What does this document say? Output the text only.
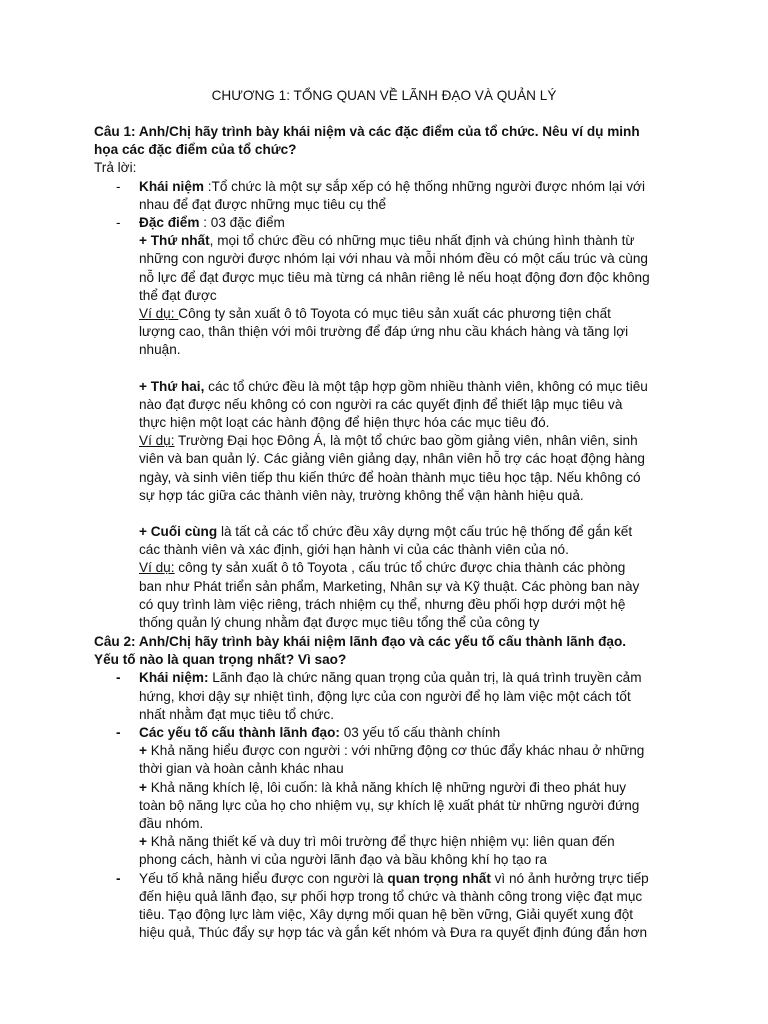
CHƯƠNG 1: TỔNG QUAN VỀ LÃNH ĐẠO VÀ QUẢN LÝ
Câu 1: Anh/Chị hãy trình bày khái niệm và các đặc điểm của tổ chức. Nêu ví dụ minh
họa các đặc điểm của tổ chức?
Trả lời:
- Khái niệm :Tổ chức là một sự sắp xếp có hệ thống những người được nhóm lại với
nhau để đạt được những mục tiêu cụ thể
- Đặc điểm : 03 đặc điểm
+ Thứ nhất, mọi tổ chức đều có những mục tiêu nhất định và chúng hình thành từ
những con người được nhóm lại với nhau và mỗi nhóm đều có một cấu trúc và cùng
nỗ lực để đạt được mục tiêu mà từng cá nhân riêng lẻ nếu hoạt động đơn độc không
thể đạt được
Ví dụ: Công ty sản xuất ô tô Toyota có mục tiêu sản xuất các phương tiện chất
lượng cao, thân thiện với môi trường để đáp ứng nhu cầu khách hàng và tăng lợi
nhuận.
+ Thứ hai, các tổ chức đều là một tập hợp gồm nhiều thành viên, không có mục tiêu
nào đạt được nếu không có con người ra các quyết định để thiết lập mục tiêu và
thực hiện một loạt các hành động để hiện thực hóa các mục tiêu đó.
Ví dụ: Trường Đại học Đông Á, là một tổ chức bao gồm giảng viên, nhân viên, sinh
viên và ban quản lý. Các giảng viên giảng dạy, nhân viên hỗ trợ các hoạt động hàng
ngày, và sinh viên tiếp thu kiến thức để hoàn thành mục tiêu học tập. Nếu không có
sự hợp tác giữa các thành viên này, trường không thể vận hành hiệu quả.
+ Cuối cùng là tất cả các tổ chức đều xây dựng một cấu trúc hệ thống để gắn kết
các thành viên và xác định, giới hạn hành vi của các thành viên của nó.
Ví dụ: công ty sản xuất ô tô Toyota , cấu trúc tổ chức được chia thành các phòng
ban như Phát triển sản phẩm, Marketing, Nhân sự và Kỹ thuật. Các phòng ban này
có quy trình làm việc riêng, trách nhiệm cụ thể, nhưng đều phối hợp dưới một hệ
thống quản lý chung nhằm đạt được mục tiêu tổng thể của công ty
Câu 2: Anh/Chị hãy trình bày khái niệm lãnh đạo và các yếu tố cấu thành lãnh đạo.
Yếu tố nào là quan trọng nhất? Vì sao?
- Khái niệm: Lãnh đạo là chức năng quan trọng của quản trị, là quá trình truyền cảm
hứng, khơi dậy sự nhiệt tình, động lực của con người để họ làm việc một cách tốt
nhất nhằm đạt mục tiêu tổ chức.
- Các yếu tố cấu thành lãnh đạo: 03 yếu tố cấu thành chính
+ Khả năng hiểu được con người : với những động cơ thúc đẩy khác nhau ở những
thời gian và hoàn cảnh khác nhau
+ Khả năng khích lệ, lôi cuốn: là khả năng khích lệ những người đi theo phát huy
toàn bộ năng lực của họ cho nhiệm vụ, sự khích lệ xuất phát từ những người đứng
đầu nhóm.
+ Khả năng thiết kế và duy trì môi trường để thực hiện nhiệm vụ: liên quan đến
phong cách, hành vi của người lãnh đạo và bầu không khí họ tạo ra
- Yếu tố khả năng hiểu được con người là quan trọng nhất vì nó ảnh hưởng trực tiếp
đến hiệu quả lãnh đạo, sự phối hợp trong tổ chức và thành công trong việc đạt mục
tiêu. Tạo động lực làm việc, Xây dựng mối quan hệ bền vững, Giải quyết xung đột
hiệu quả, Thúc đẩy sự hợp tác và gắn kết nhóm và Đưa ra quyết định đúng đắn hơn
